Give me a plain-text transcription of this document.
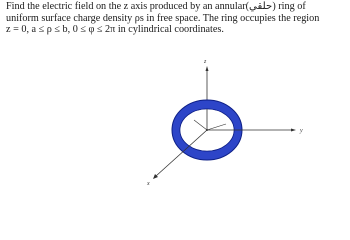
Find the electric field on the z axis produced by an annular(حلقي) ring of
uniform surface charge density ρs in free space. The ring occupies the region
z = 0, a ≤ ρ ≤ b, 0 ≤ φ ≤ 2π in cylindrical coordinates.
z
y
x
